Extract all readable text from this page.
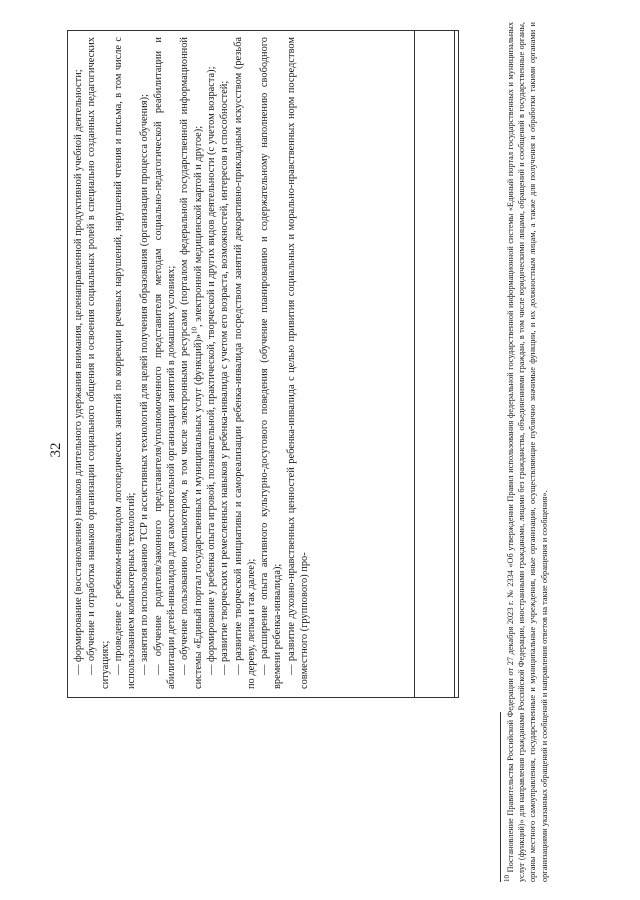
32 — формирование (восстановление) навыков длительного удержания внимания, целенаправленной продуктивной учебной деятельности; — обучение и отработка навыков организации социального общения и освоения социальных ролей в специально созданных педагогических ситуациях; — проведение с ребенком-инвалидом логопедических занятий по коррекции речевых нарушений, нарушений чтения и письма, в том числе с использованием компьютерных технологий; — занятия по использованию ТСР и ассистивных технологий для целей получения образования (организации процесса обучения); — обучение родителя/законного представителя/уполномоченного представителя методам социально-педагогической реабилитации и абилитации детей-инвалидов для самостоятельной организации занятий в домашних условиях; — обучение пользованию компьютером, в том числе электронными ресурсами (порталом федеральной государственной информационной системы «Единый портал государственных и муниципальных услуг (функций)»$^{10}$, электронной медицинской картой и другое); — формирование у ребенка опыта игровой, познавательной, практической, творческой и других видов деятельности (с учетом возраста); — развитие творческих и ремесленных навыков у ребенка-инвалида с учетом его возраста, возможностей, интересов и способностей; — развитие творческой инициативы и самореализации ребенка-инвалида посредством занятий декоративно-прикладным искусством (резьба по дереву, лепка и так далее); — расширение опыта активного культурно-досугового поведения (обучение планированию и содержательному наполнению свободного времени ребенка-инвалида); — развитие духовно-нравственных ценностей ребенка-инвалида с целью привития социальных и морально-нравственных норм посредством совместного (группового) про-

$^{10}$ Постановление Правительства Российской Федерации от 27 декабря 2023 г. № 2334 «Об утверждении Правил использования федеральной государственной информационной системы «Единый портал государственных и муниципальных услуг (функций)» для направления гражданами Российской Федерации, иностранными гражданами, лицами без гражданства, объединениями граждан, в том числе юридическими лицами, обращений и сообщений в государственные органы, органы местного самоуправления, государственные и муниципальные учреждения, иные организации, осуществляющие публично значимые функции, и их должностным лицам, а также для получения и обработки такими органами и организациями указанных обращений и сообщений и направления ответов на такие обращения и сообщения».
